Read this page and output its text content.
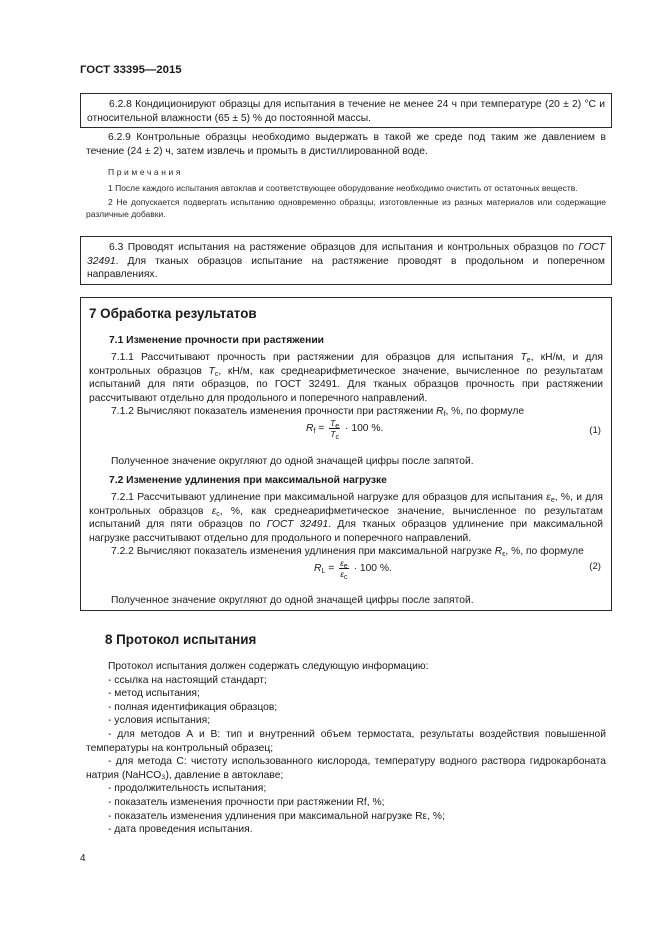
ГОСТ 33395—2015

6.2.8 Кондиционируют образцы для испытания в течение не менее 24 ч при температуре (20 ± 2) °С и относительной влажности (65 ± 5) % до постоянной массы.

6.2.9 Контрольные образцы необходимо выдержать в такой же среде под таким же давлением в течение (24 ± 2) ч, затем извлечь и промыть в дистиллированной воде.

Примечания

1 После каждого испытания автоклав и соответствующее оборудование необходимо очистить от остаточных веществ.

2 Не допускается подвергать испытанию одновременно образцы, изготовленные из разных материалов или содержащие различные добавки.

6.3 Проводят испытания на растяжение образцов для испытания и контрольных образцов по ГОСТ 32491. Для тканых образцов испытание на растяжение проводят в продольном и поперечном направлениях.

7 Обработка результатов
7.1 Изменение прочности при растяжении

7.1.1 Рассчитывают прочность при растяжении для образцов для испытания $T_e$, кН/м, и для контрольных образцов $T_c$, кН/м, как среднеарифметическое значение, вычисленное по результатам испытаний для пяти образцов, по ГОСТ 32491. Для тканых образцов прочность при растяжении рассчитывают отдельно для продольного и поперечного направлений.

7.1.2 Вычисляют показатель изменения прочности при растяжении $R_f$, %, по формуле

$R_f = \frac{T_e}{T_c} \cdot 100$ %.	(1)

Полученное значение округляют до одной значащей цифры после запятой.

7.2 Изменение удлинения при максимальной нагрузке

7.2.1 Рассчитывают удлинение при максимальной нагрузке для образцов для испытания $\varepsilon_e$, %, и для контрольных образцов $\varepsilon_c$, %, как среднеарифметическое значение, вычисленное по результатам испытаний для пяти образцов по ГОСТ 32491. Для тканых образцов удлинение при максимальной нагрузке рассчитывают отдельно для продольного и поперечного направлений.

7.2.2 Вычисляют показатель изменения удлинения при максимальной нагрузке $R_\varepsilon$, %, по формуле

$R_L = \frac{\varepsilon_e}{\varepsilon_c} \cdot 100$ %.	(2)

Полученное значение округляют до одной значащей цифры после запятой.

8 Протокол испытания
Протокол испытания должен содержать следующую информацию:
- ссылка на настоящий стандарт;
- метод испытания;
- полная идентификация образцов;
- условия испытания;
- для методов А и В: тип и внутренний объем термостата, результаты воздействия повышенной температуры на контрольный образец;
- для метода С: чистоту использованного кислорода, температуру водного раствора гидрокарбоната натрия (NaHCO₃), давление в автоклаве;
- продолжительность испытания;
- показатель изменения прочности при растяжении Rf, %;
- показатель изменения удлинения при максимальной нагрузке Rε, %;
- дата проведения испытания.
4
